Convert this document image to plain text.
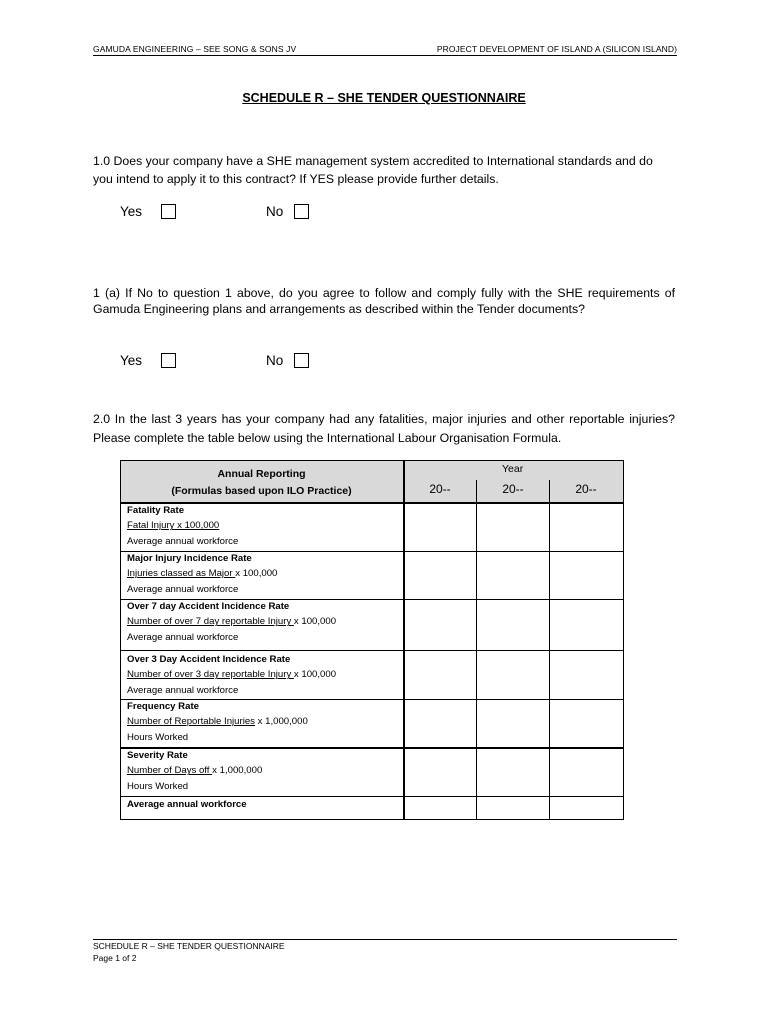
GAMUDA ENGINEERING – SEE SONG & SONS JV	PROJECT DEVELOPMENT OF ISLAND A (SILICON ISLAND)
SCHEDULE R – SHE TENDER QUESTIONNAIRE
1.0 Does your company have a SHE management system accredited to International standards and do you intend to apply it to this contract? If YES please provide further details.
Yes	No
1 (a) If No to question 1 above, do you agree to follow and comply fully with the SHE requirements of Gamuda Engineering plans and arrangements as described within the Tender documents?
Yes	No
2.0 In the last 3 years has your company had any fatalities, major injuries and other reportable injuries? Please complete the table below using the International Labour Organisation Formula.
Annual Reporting
(Formulas based upon ILO Practice)
Year
20--	20--	20--
Fatality Rate
Fatal Injury x 100,000
Average annual workforce
Major Injury Incidence Rate
Injuries classed as Major x 100,000
Average annual workforce
Over 7 day Accident Incidence Rate
Number of over 7 day reportable Injury x 100,000
Average annual workforce
Over 3 Day Accident Incidence Rate
Number of over 3 day reportable Injury x 100,000
Average annual workforce
Frequency Rate
Number of Reportable Injuries x 1,000,000
Hours Worked
Severity Rate
Number of Days off x 1,000,000
Hours Worked
Average annual workforce
SCHEDULE R – SHE TENDER QUESTIONNAIRE
Page 1 of 2
